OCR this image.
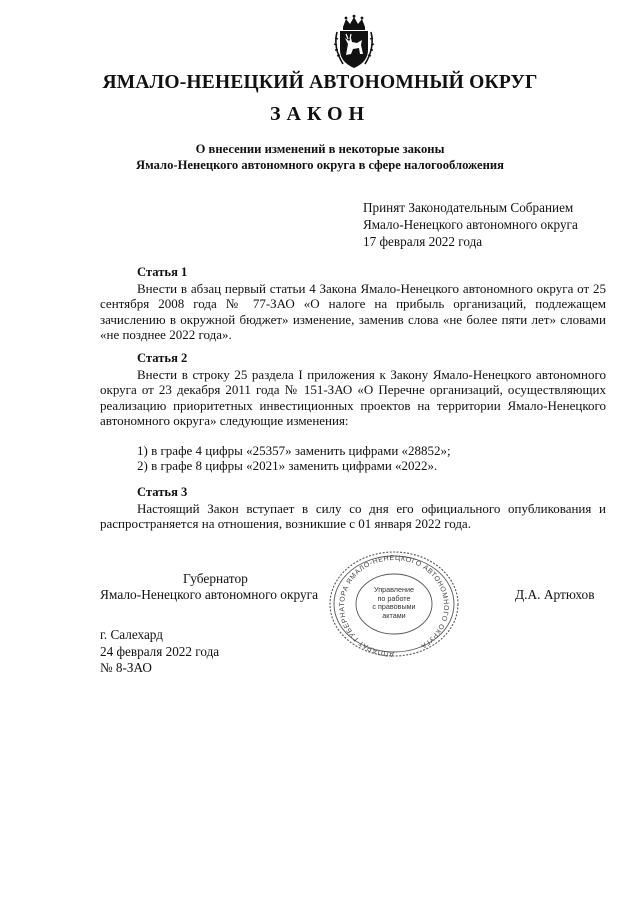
ЯМАЛО-НЕНЕЦКИЙ АВТОНОМНЫЙ ОКРУГ
ЗАКОН
О внесении изменений в некоторые законы
Ямало-Ненецкого автономного округа в сфере налогообложения
Принят Законодательным Собранием
Ямало-Ненецкого автономного округа
17 февраля 2022 года
Статья 1
Внести в абзац первый статьи 4 Закона Ямало-Ненецкого автономного округа от 25 сентября 2008 года № 77-ЗАО «О налоге на прибыль организаций, подлежащем зачислению в окружной бюджет» изменение, заменив слова «не более пяти лет» словами «не позднее 2022 года».
Статья 2
Внести в строку 25 раздела I приложения к Закону Ямало-Ненецкого автономного округа от 23 декабря 2011 года № 151-ЗАО «О Перечне организаций, осуществляющих реализацию приоритетных инвестиционных проектов на территории Ямало-Ненецкого автономного округа» следующие изменения:
1) в графе 4 цифры «25357» заменить цифрами «28852»;
2) в графе 8 цифры «2021» заменить цифрами «2022».
Статья 3
Настоящий Закон вступает в силу со дня его официального опубликования и распространяется на отношения, возникшие с 01 января 2022 года.
Губернатор
Ямало-Ненецкого автономного округа	Д.А. Артюхов
АППАРАТ ГУБЕРНАТОРА ЯМАЛО-НЕНЕЦКОГО АВТОНОМНОГО ОКРУГА
Управление
по работе
с правовыми
актами
г. Салехард
24 февраля 2022 года
№ 8-ЗАО
